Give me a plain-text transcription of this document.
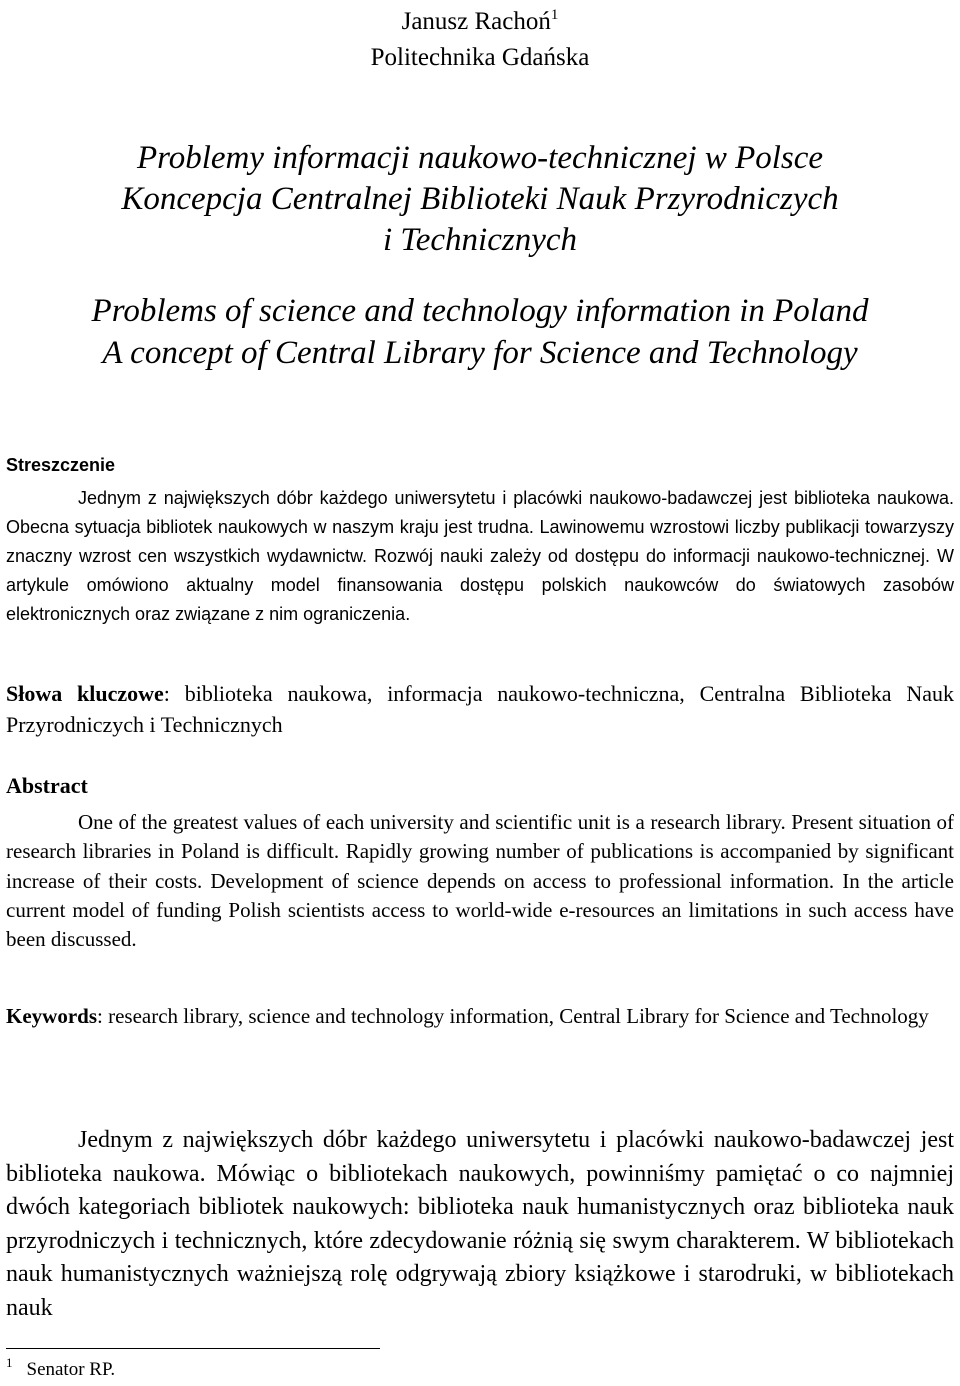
Janusz Rachoń$^1$
Politechnika Gdańska
Problemy informacji naukowo-technicznej w Polsce
Koncepcja Centralnej Biblioteki Nauk Przyrodniczych
i Technicznych
Problems of science and technology information in Poland
A concept of Central Library for Science and Technology
Streszczenie
Jednym z największych dóbr każdego uniwersytetu i placówki naukowo-badawczej jest biblioteka naukowa. Obecna sytuacja bibliotek naukowych w naszym kraju jest trudna. Lawinowemu wzrostowi liczby publikacji towarzyszy znaczny wzrost cen wszystkich wydawnictw. Rozwój nauki zależy od dostępu do informacji naukowo-technicznej. W artykule omówiono aktualny model finansowania dostępu polskich naukowców do światowych zasobów elektronicznych oraz związane z nim ograniczenia.
Słowa kluczowe: biblioteka naukowa, informacja naukowo-techniczna, Centralna Biblioteka Nauk Przyrodniczych i Technicznych
Abstract
One of the greatest values of each university and scientific unit is a research library. Present situation of research libraries in Poland is difficult. Rapidly growing number of publications is accompanied by significant increase of their costs. Development of science depends on access to professional information. In the article current model of funding Polish scientists access to world-wide e-resources an limitations in such access have been discussed.
Keywords: research library, science and technology information, Central Library for Science and Technology
Jednym z największych dóbr każdego uniwersytetu i placówki naukowo-badawczej jest biblioteka naukowa. Mówiąc o bibliotekach naukowych, powinniśmy pamiętać o co najmniej dwóch kategoriach bibliotek naukowych: biblioteka nauk humanistycznych oraz biblioteka nauk przyrodniczych i technicznych, które zdecydowanie różnią się swym charakterem. W bibliotekach nauk humanistycznych ważniejszą rolę odgrywają zbiory książkowe i starodruki, w bibliotekach nauk
$^1$ Senator RP.
